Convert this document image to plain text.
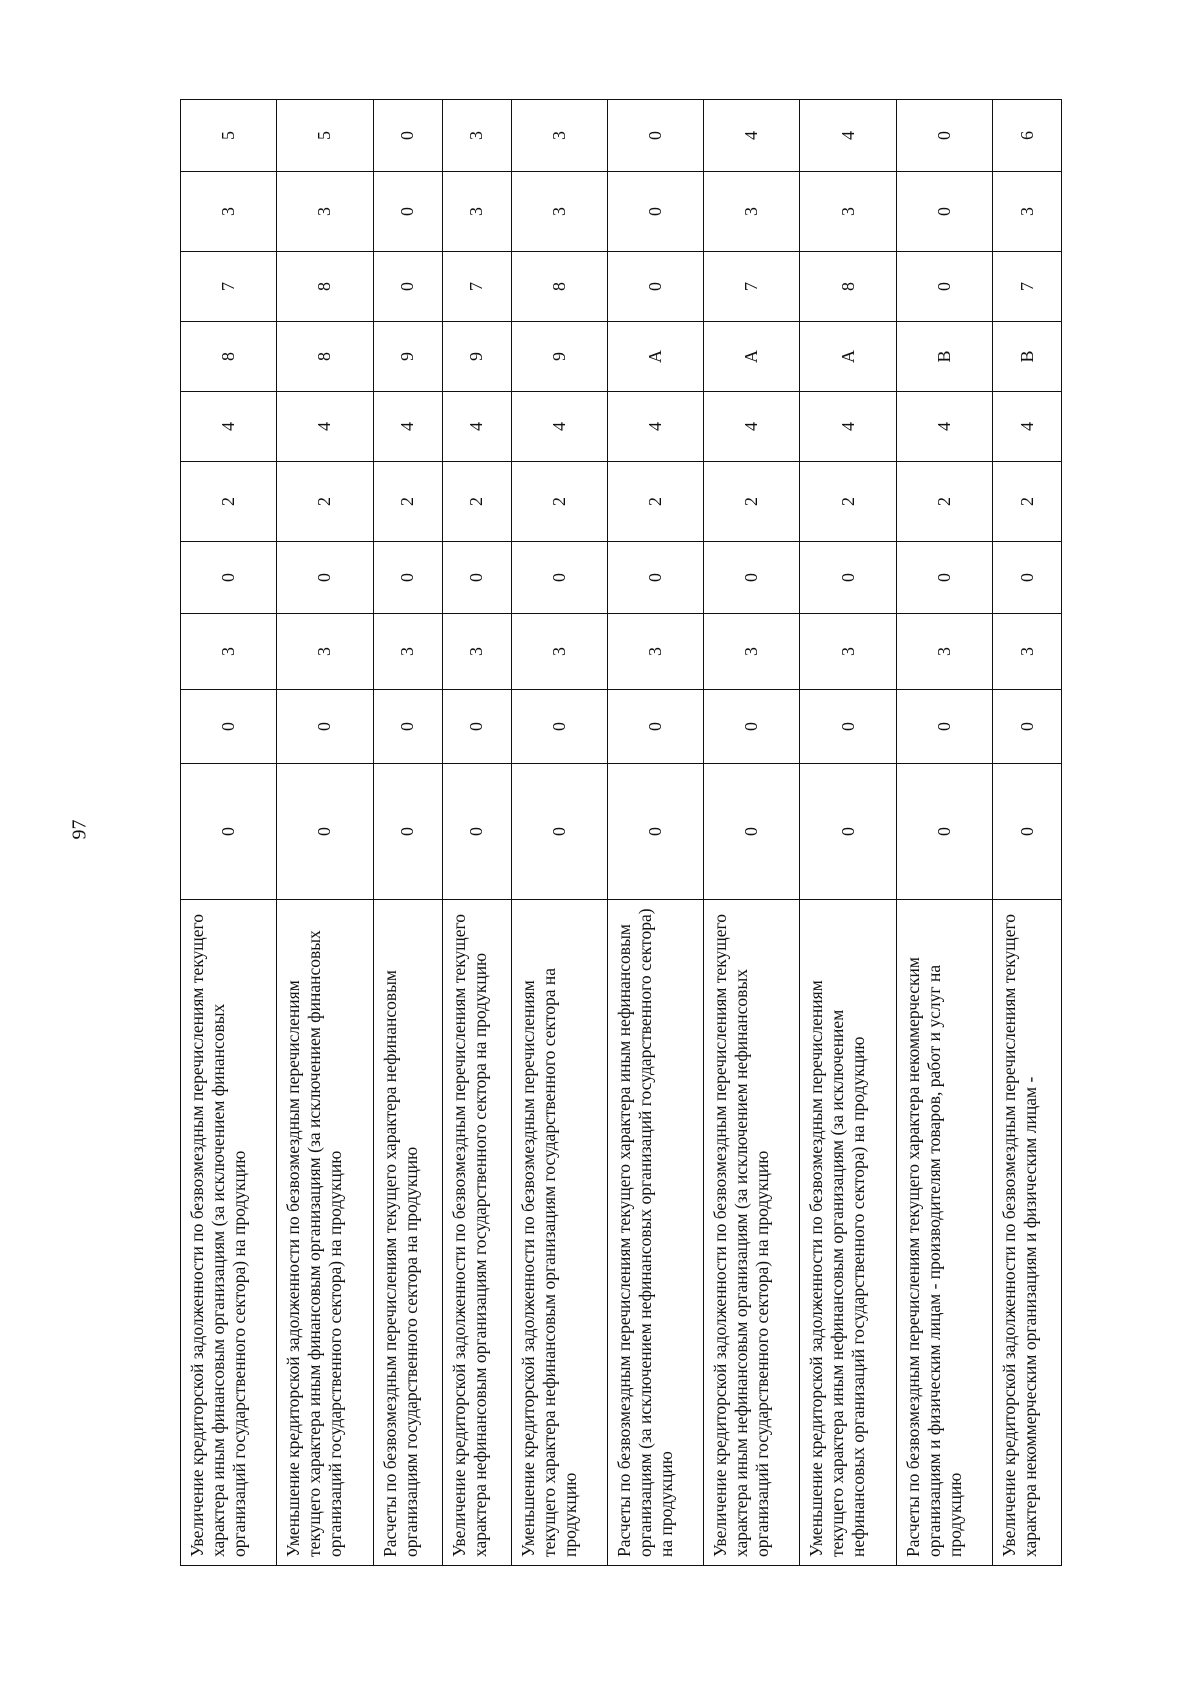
97
Увеличение кредиторской задолженности по безвозмездным перечислениям текущего характера иным финансовым организациям (за исключением финансовых организаций государственного сектора) на продукцию	0	0	3	0	2	4	8	7	3	5
Уменьшение кредиторской задолженности по безвозмездным перечислениям текущего характера иным финансовым организациям (за исключением финансовых организаций государственного сектора) на продукцию	0	0	3	0	2	4	8	8	3	5
Расчеты по безвозмездным перечислениям текущего характера нефинансовым организациям государственного сектора на продукцию	0	0	3	0	2	4	9	0	0	0
Увеличение кредиторской задолженности по безвозмездным перечислениям текущего характера нефинансовым организациям государственного сектора на продукцию	0	0	3	0	2	4	9	7	3	3
Уменьшение кредиторской задолженности по безвозмездным перечислениям текущего характера нефинансовым организациям государственного сектора на продукцию	0	0	3	0	2	4	9	8	3	3
Расчеты по безвозмездным перечислениям текущего характера иным нефинансовым организациям (за исключением нефинансовых организаций государственного сектора) на продукцию	0	0	3	0	2	4	А	0	0	0
Увеличение кредиторской задолженности по безвозмездным перечислениям текущего характера иным нефинансовым организациям (за исключением нефинансовых организаций государственного сектора) на продукцию	0	0	3	0	2	4	А	7	3	4
Уменьшение кредиторской задолженности по безвозмездным перечислениям текущего характера иным нефинансовым организациям (за исключением нефинансовых организаций государственного сектора) на продукцию	0	0	3	0	2	4	А	8	3	4
Расчеты по безвозмездным перечислениям текущего характера некоммерческим организациям и физическим лицам - производителям товаров, работ и услуг на продукцию	0	0	3	0	2	4	В	0	0	0
Увеличение кредиторской задолженности по безвозмездным перечислениям текущего характера некоммерческим организациям и физическим лицам -	0	0	3	0	2	4	В	7	3	6
